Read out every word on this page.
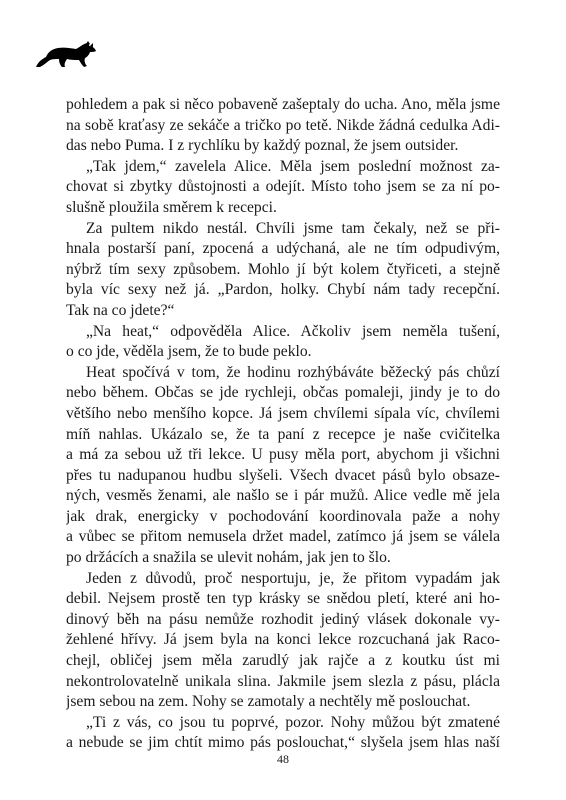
pohledem a pak si něco pobaveně zašeptaly do ucha. Ano, měla jsme
na sobě kraťasy ze sekáče a tričko po tetě. Nikde žádná cedulka Adi-
das nebo Puma. I z rychlíku by každý poznal, že jsem outsider.
„Tak jdem,“ zavelela Alice. Měla jsem poslední možnost za-
chovat si zbytky důstojnosti a odejít. Místo toho jsem se za ní po-
slušně ploužila směrem k recepci.
Za pultem nikdo nestál. Chvíli jsme tam čekaly, než se při-
hnala postarší paní, zpocená a udýchaná, ale ne tím odpudivým,
nýbrž tím sexy způsobem. Mohlo jí být kolem čtyřiceti, a stejně
byla víc sexy než já. „Pardon, holky. Chybí nám tady recepční.
Tak na co jdete?“
„Na heat,“ odpověděla Alice. Ačkoliv jsem neměla tušení,
o co jde, věděla jsem, že to bude peklo.
Heat spočívá v tom, že hodinu rozhýbáváte běžecký pás chůzí
nebo během. Občas se jde rychleji, občas pomaleji, jindy je to do
většího nebo menšího kopce. Já jsem chvílemi sípala víc, chvílemi
míň nahlas. Ukázalo se, že ta paní z recepce je naše cvičitelka
a má za sebou už tři lekce. U pusy měla port, abychom ji všichni
přes tu nadupanou hudbu slyšeli. Všech dvacet pásů bylo obsaze-
ných, vesměs ženami, ale našlo se i pár mužů. Alice vedle mě jela
jak drak, energicky v pochodování koordinovala paže a nohy
a vůbec se přitom nemusela držet madel, zatímco já jsem se válela
po držácích a snažila se ulevit nohám, jak jen to šlo.
Jeden z důvodů, proč nesportuju, je, že přitom vypadám jak
debil. Nejsem prostě ten typ krásky se snědou pletí, které ani ho-
dinový běh na pásu nemůže rozhodit jediný vlásek dokonale vy-
žehlené hřívy. Já jsem byla na konci lekce rozcuchaná jak Raco-
chejl, obličej jsem měla zarudlý jak rajče a z koutku úst mi
nekontrolovatelně unikala slina. Jakmile jsem slezla z pásu, plácla
jsem sebou na zem. Nohy se zamotaly a nechtěly mě poslouchat.
„Ti z vás, co jsou tu poprvé, pozor. Nohy můžou být zmatené
a nebude se jim chtít mimo pás poslouchat,“ slyšela jsem hlas naší
48
